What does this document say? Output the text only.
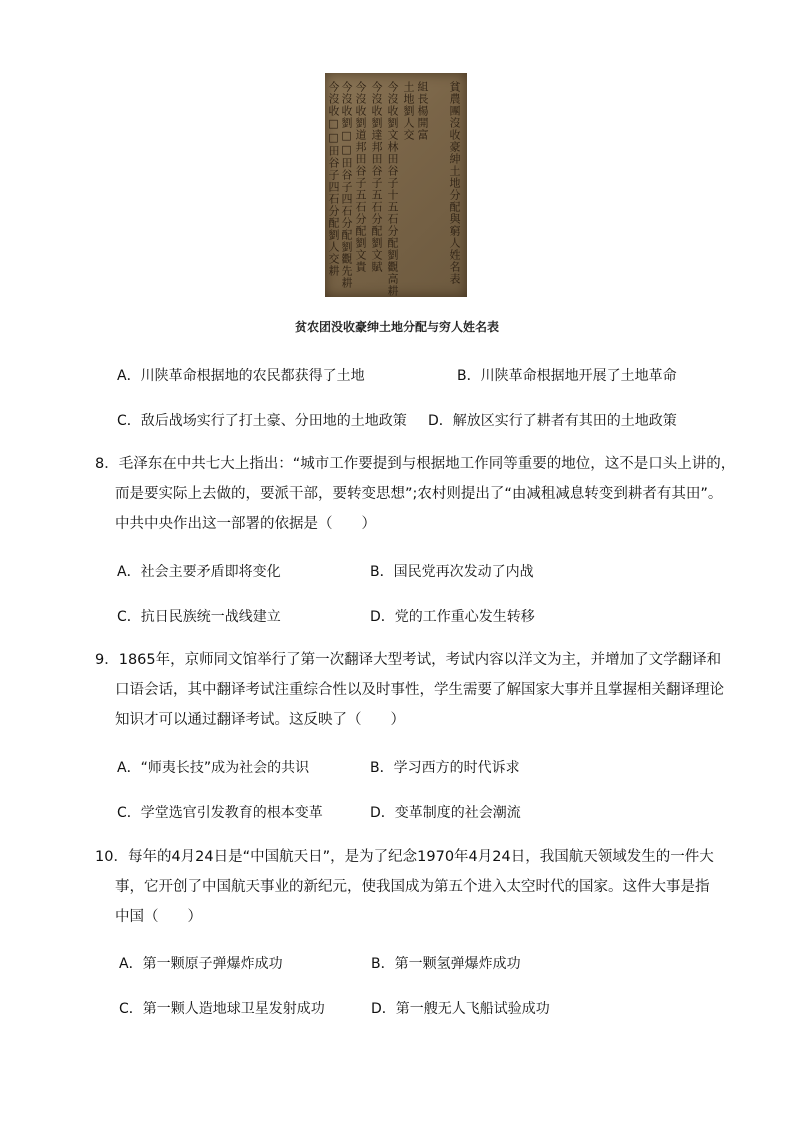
貧農團沒收豪紳土地分配與窮人姓名表
組長楊開富
土地劉人交
今沒收劉文林田谷子十五石分配劉觀高耕
今沒收劉達邦田谷子五石分配劉文賦
今沒收劉道邦田谷子五石分配劉文貴
今沒收劉□□田谷子四石分配劉觀先耕
今沒收□□田谷子四石分配劉人交耕
贫农团没收豪绅土地分配与穷人姓名表
A．川陕革命根据地的农民都获得了土地	B．川陕革命根据地开展了土地革命
C．敌后战场实行了打土豪、分田地的土地政策 D．解放区实行了耕者有其田的土地政策
8．毛泽东在中共七大上指出：“城市工作要提到与根据地工作同等重要的地位，这不是口头上讲的，
而是要实际上去做的，要派干部，要转变思想”;农村则提出了“由减租减息转变到耕者有其田”。
中共中央作出这一部署的依据是（　　）
A．社会主要矛盾即将变化	B．国民党再次发动了内战
C．抗日民族统一战线建立	D．党的工作重心发生转移
9．1865年，京师同文馆举行了第一次翻译大型考试，考试内容以洋文为主，并增加了文学翻译和
口语会话，其中翻译考试注重综合性以及时事性，学生需要了解国家大事并且掌握相关翻译理论
知识才可以通过翻译考试。这反映了（　　）
A．“师夷长技”成为社会的共识	B．学习西方的时代诉求
C．学堂选官引发教育的根本变革	D．变革制度的社会潮流
10．每年的4月24日是“中国航天日”，是为了纪念1970年4月24日，我国航天领域发生的一件大
事，它开创了中国航天事业的新纪元，使我国成为第五个进入太空时代的国家。这件大事是指
中国（　　）
A．第一颗原子弹爆炸成功	B．第一颗氢弹爆炸成功
C．第一颗人造地球卫星发射成功	D．第一艘无人飞船试验成功
